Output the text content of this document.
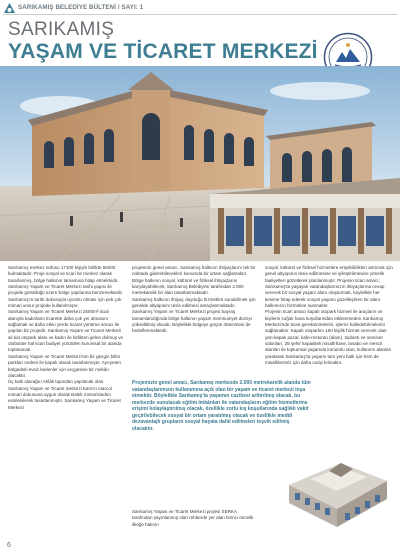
SARIKAMIŞ BELEDİYE BÜLTENİ / SAYI: 1
SARIKAMIŞ
YAŞAM VE TİCARET MERKEZİ

Sarıkamış merkez nüfusu 17100 kişiyle birlikte 55000 bulmaktadır. Proje sosyal ve ticari bir merkez olarak tasarlanmış, bölge halkının tamamına hitap etmektedir.

Sarıkamış Yaşam ve Ticaret Merkezi tarihi yapısı ile projede görüldüğü üzere bölge yapılarına benzemektedir. Sarıkamış'ın tarihi dokusuyla uyumlu olması için pek çok mimari unsur projede kullanılmıştır.

Sarıkamış Yaşam ve Ticaret Merkezi 2500m² ticari alanıyla kadınların ticarette daha çok yer almasını sağlamak ve daha etkin yerde ticaret yürütme amacı ile yapılan bir projedir. Sarıkamış Yaşam ve Ticaret Merkezi ali kat otopark alanı ve kadın ile birlikten gelen dolmuş ve otobüsler hal ticari faaliyet yürütülen kurumsal bir alanda toplanacak.

Sarıkamış Yaşam ve Ticaret Merkezi'nin bir gezgin bilim parkları nedeni ile kapalı olarak tasarlanmıştır. Ayrıyeten bölgedeki evsiz kedenler için veçgesine bir mekân olacaktır.

Üç katlı olacağın Ahlâk tapından yapılacak olan Sarıkamış Yaşam ve Ticaret merkezi Kars'ın marcol mimari dokusuna uygun olarak Baltık mimarisinden esinlenilerek tasarlanmıştır. Sarıkamış Yaşam ve Ticaret Merkezi

projesinin genel amacı, Sarıkamış halkının ihtiyaçlarını tek bir noktada giderebilecekleri konumda bir ortam sağlamaktır. Bölge halkının sosyal, kültürel ve fiziksel ihtiyaçlarını karşılayabilecek, Sarıkamış Belediyesi tarafından 2.000 metrekarelik bir alan tasarlanmaktadır.

Sarıkamış halkının ihtiyaç duyduğu hizmetleri sunabilmek için genelde altyapısını tesis edilmesi amaçlanmaktadır. Sarıkamış Yaşam ve Ticaret Merkezi projesi bayraş tamamlandığında bölge halkının yaşam memnuniyet düzeyi yükseltilmiş olacak. Böylelikle bölgeye göçün önlenmesi de hedeflenmektedir.

sosyal, kültürel ve fiziksel hizmetlere erişebilirlikleri artırmak için genel altyapının tesis edilmesine ve iyileştirilmesine yönelik faaliyetleri gözetlerek planlanmıştır. Projenin ticari amacı; Sarıkamış'ta yaşayan vatandaşlarımızın ihtiyaçlarına cevap verecek bir sosyal yaşam alanı oluşturmak, böylelikle her kesime hitap ederek sosyal yaşamı güzelleştiren bir alanı halkımızın hizmetine sunmaktır.

Projenin ticari amacı kapalı otopark hizmeti ile araçların ve kişilerin soğuk hava koşullarından etkilenmeden Sarıkamış Merkezi'nde ticari gereksinimlerini, işlerini halledebilmelerini sağlamaktır. Kapalı otoparkın 150 kişilik hizmet verecek olan yarı-kapalı pazar, kafe-restoran (alanı), toplantı ve seminer salonları, 25 şehir kapasiteli misafirhane, lavabo ve mescit alanları ile toplumsal yaşamda konumlu olan, kullanımı alanları yaratarak Sarıkamış'ta yaşamı tam yeni halk için hem de misafirlerimiz için daha cazip kılmaktır.

Projemizin genel amacı, Sarıkamış merkezde 2.000 metrekarelik alanda tüm vatandaşlarımızın kullanımına açık olan bir yaşam ve ticaret merkezi inşa etmektir. Böylelikle Sarıkamış'ta yaşamın cazibesi arttırılmış olacak, bu merkezde sunulacak eğitim imkânları ile vatandaşların eğitim hizmetlerine erişimi kolaylaştırılmış olacak, özellikle zorlu kış koşullarında sağlıklı vakit geçirilebilecek sosyal bir ortam yaratılmış olacak ve özellikle meddi dezavantajlı grupların sosyal hayata dahil edilmeleri teşvik edilmiş olacaktır.
Sarıkamış Yaşam ve Ticaret Merkezi projesi SERKA tarafından yayınlanmış olan rehberde yer alan birinci öncelik ilköğe halının
6
